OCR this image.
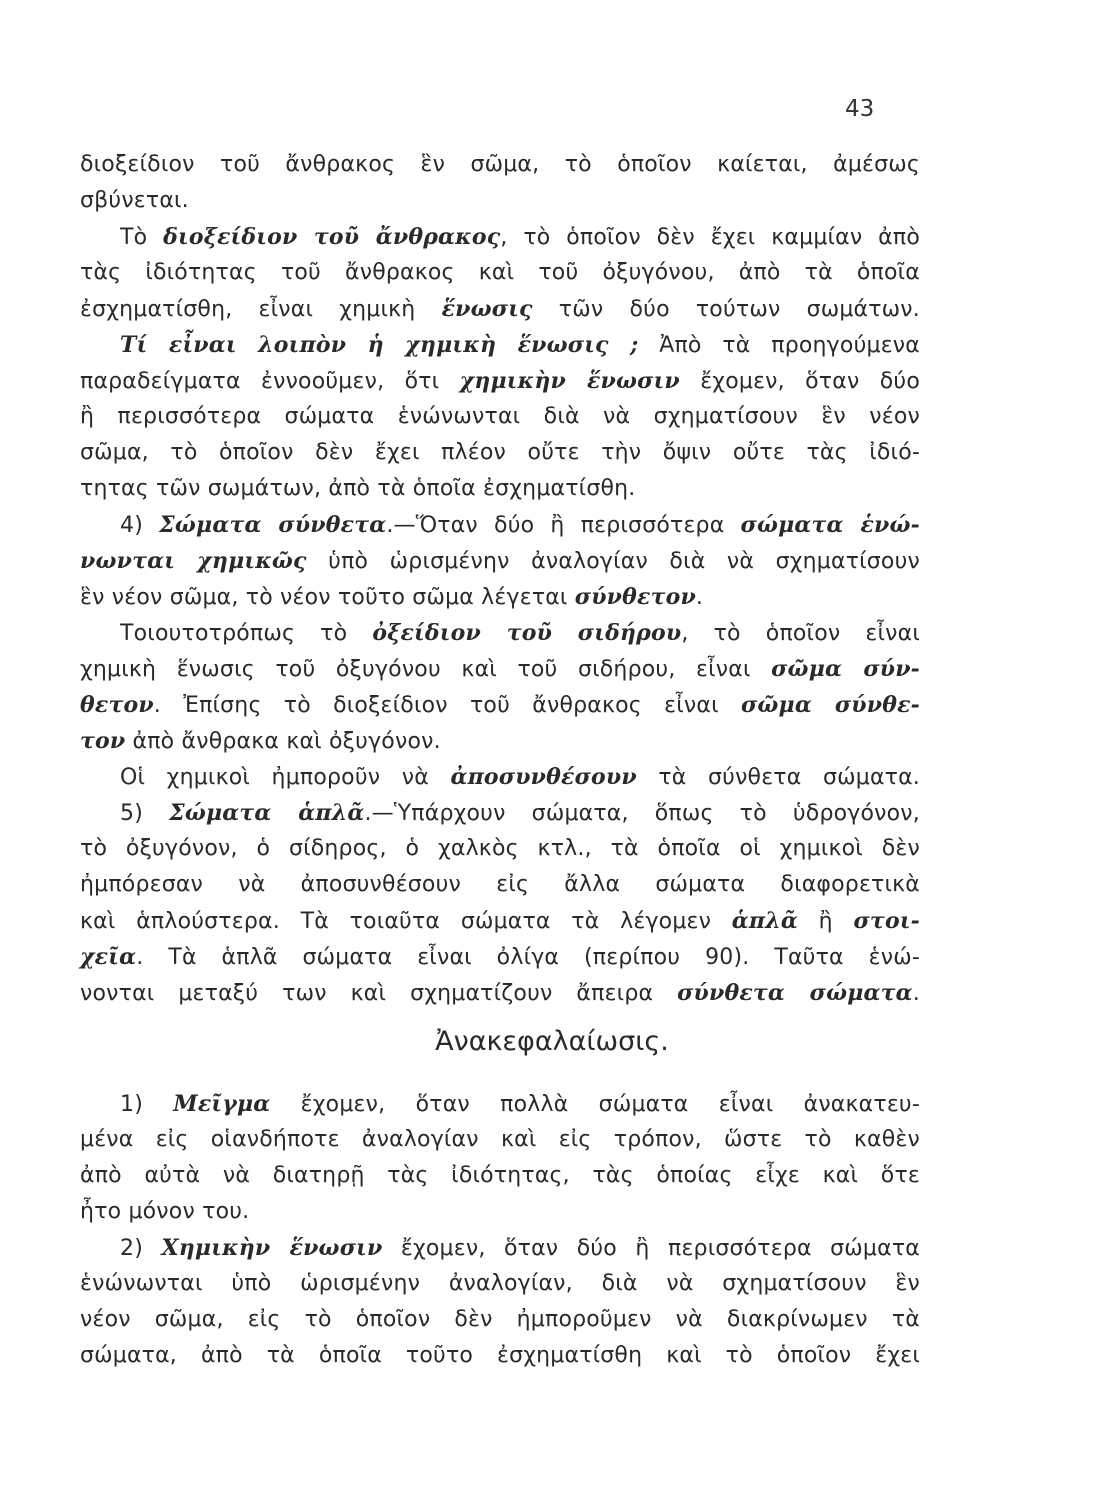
43
διοξείδιον τοῦ ἄνθρακος ἓν σῶμα, τὸ ὁποῖον καίεται, ἀμέσως
σβύνεται.
Τὸ διοξείδιον τοῦ ἄνθρακος, τὸ ὁποῖον δὲν ἔχει καμμίαν ἀπὸ
τὰς ἰδιότητας τοῦ ἄνθρακος καὶ τοῦ ὀξυγόνου, ἀπὸ τὰ ὁποῖα
ἐσχηματίσθη, εἶναι χημικὴ ἕνωσις τῶν δύο τούτων σωμάτων.
Τί εἶναι λοιπὸν ἡ χημικὴ ἕνωσις ; Ἀπὸ τὰ προηγούμενα
παραδείγματα ἐννοοῦμεν, ὅτι χημικὴν ἕνωσιν ἔχομεν, ὅταν δύο
ἢ περισσότερα σώματα ἑνώνωνται διὰ νὰ σχηματίσουν ἓν νέον
σῶμα, τὸ ὁποῖον δὲν ἔχει πλέον οὔτε τὴν ὄψιν οὔτε τὰς ἰδιό-
τητας τῶν σωμάτων, ἀπὸ τὰ ὁποῖα ἐσχηματίσθη.
4) Σώματα σύνθετα.—Ὅταν δύο ἢ περισσότερα σώματα ἑνώ-
νωνται χημικῶς ὑπὸ ὡρισμένην ἀναλογίαν διὰ νὰ σχηματίσουν
ἓν νέον σῶμα, τὸ νέον τοῦτο σῶμα λέγεται σύνθετον.
Τοιουτοτρόπως τὸ ὀξείδιον τοῦ σιδήρου, τὸ ὁποῖον εἶναι
χημικὴ ἕνωσις τοῦ ὀξυγόνου καὶ τοῦ σιδήρου, εἶναι σῶμα σύν-
θετον. Ἐπίσης τὸ διοξείδιον τοῦ ἄνθρακος εἶναι σῶμα σύνθε-
τον ἀπὸ ἄνθρακα καὶ ὀξυγόνον.
Οἱ χημικοὶ ἠμποροῦν νὰ ἀποσυνθέσουν τὰ σύνθετα σώματα.
5) Σώματα ἁπλᾶ.—Ὑπάρχουν σώματα, ὅπως τὸ ὑδρογόνον,
τὸ ὀξυγόνον, ὁ σίδηρος, ὁ χαλκὸς κτλ., τὰ ὁποῖα οἱ χημικοὶ δὲν
ἠμπόρεσαν νὰ ἀποσυνθέσουν εἰς ἄλλα σώματα διαφορετικὰ
καὶ ἁπλούστερα. Τὰ τοιαῦτα σώματα τὰ λέγομεν ἁπλᾶ ἢ στοι-
χεῖα. Τὰ ἁπλᾶ σώματα εἶναι ὀλίγα (περίπου 90). Ταῦτα ἑνώ-
νονται μεταξύ των καὶ σχηματίζουν ἄπειρα σύνθετα σώματα.
Ἀνακεφαλαίωσις.
1) Μεῖγμα ἔχομεν, ὅταν πολλὰ σώματα εἶναι ἀνακατευ-
μένα εἰς οἱανδήποτε ἀναλογίαν καὶ εἰς τρόπον, ὥστε τὸ καθὲν
ἀπὸ αὐτὰ νὰ διατηρῇ τὰς ἰδιότητας, τὰς ὁποίας εἶχε καὶ ὅτε
ἦτο μόνον του.
2) Χημικὴν ἕνωσιν ἔχομεν, ὅταν δύο ἢ περισσότερα σώματα
ἑνώνωνται ὑπὸ ὡρισμένην ἀναλογίαν, διὰ νὰ σχηματίσουν ἓν
νέον σῶμα, εἰς τὸ ὁποῖον δὲν ἠμποροῦμεν νὰ διακρίνωμεν τὰ
σώματα, ἀπὸ τὰ ὁποῖα τοῦτο ἐσχηματίσθη καὶ τὸ ὁποῖον ἔχει
